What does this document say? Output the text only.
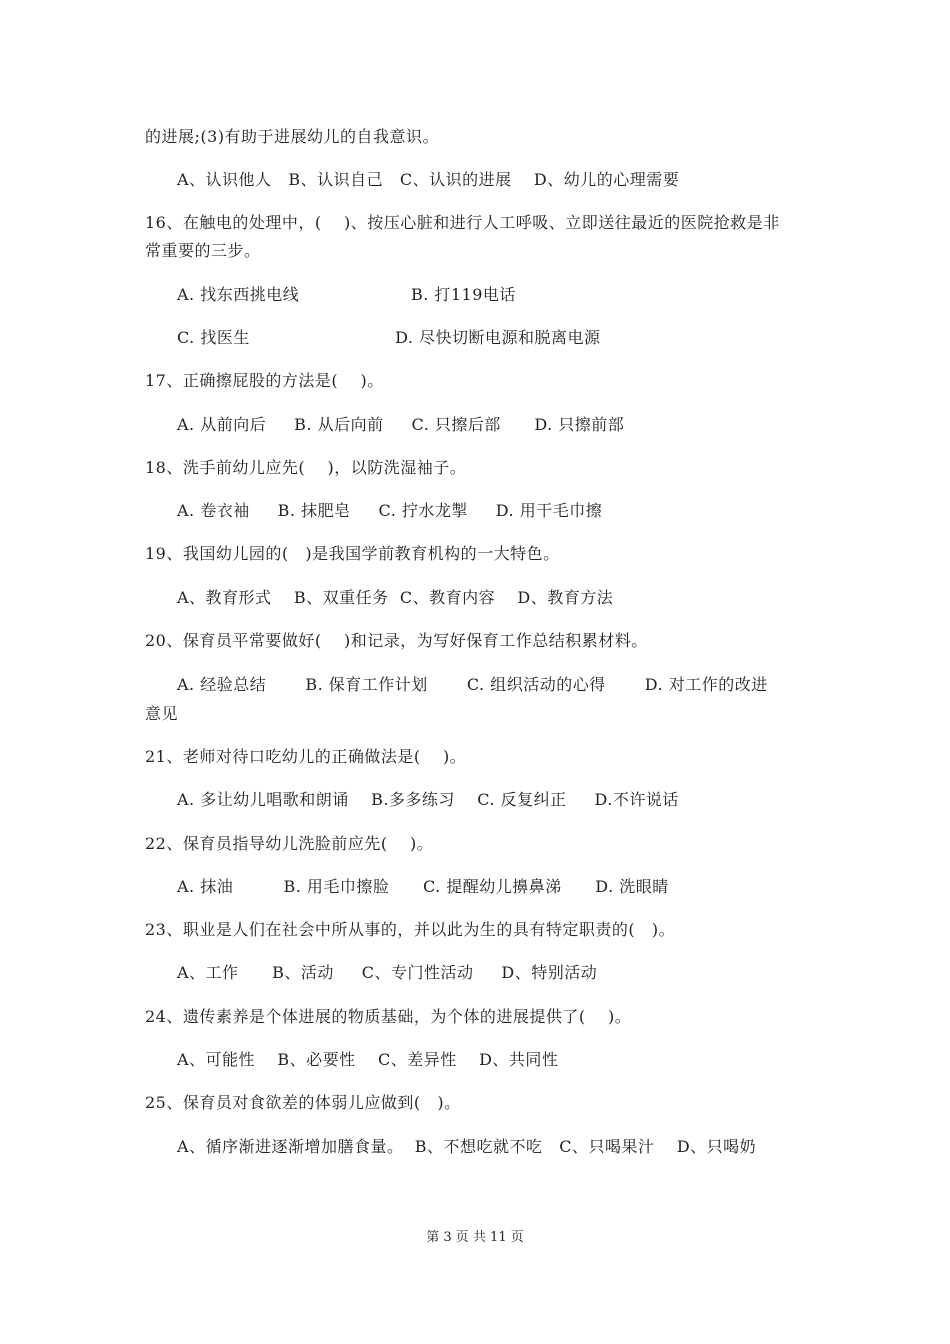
的进展;(3)有助于进展幼儿的自我意识。
A、认识他人   B、认识自己   C、认识的进展    D、幼儿的心理需要
16、在触电的处理中，(    )、按压心脏和进行人工呼吸、立即送往最近的医院抢救是非
常重要的三步。
A. 找东西挑电线                    B. 打119电话
C. 找医生                          D. 尽快切断电源和脱离电源
17、正确擦屁股的方法是(    )。
A. 从前向后     B. 从后向前     C. 只擦后部      D. 只擦前部
18、洗手前幼儿应先(    )，以防洗湿袖子。
A. 卷衣袖     B. 抹肥皂     C. 拧水龙掣     D. 用干毛巾擦
19、我国幼儿园的(   )是我国学前教育机构的一大特色。
A、教育形式    B、双重任务  C、教育内容    D、教育方法
20、保育员平常要做好(    )和记录，为写好保育工作总结积累材料。
A. 经验总结       B. 保育工作计划       C. 组织活动的心得       D. 对工作的改进
意见
21、老师对待口吃幼儿的正确做法是(    )。
A. 多让幼儿唱歌和朗诵    B.多多练习    C. 反复纠正     D.不许说话
22、保育员指导幼儿洗脸前应先(    )。
A. 抹油         B. 用毛巾擦脸      C. 提醒幼儿擤鼻涕      D. 洗眼睛
23、职业是人们在社会中所从事的，并以此为生的具有特定职责的(   )。
A、工作      B、活动     C、专门性活动     D、特别活动
24、遗传素养是个体进展的物质基础，为个体的进展提供了(    )。
A、可能性    B、必要性    C、差异性    D、共同性
25、保育员对食欲差的体弱儿应做到(   )。
A、循序渐进逐渐增加膳食量。  B、不想吃就不吃   C、只喝果汁    D、只喝奶
第 3 页 共 11 页
